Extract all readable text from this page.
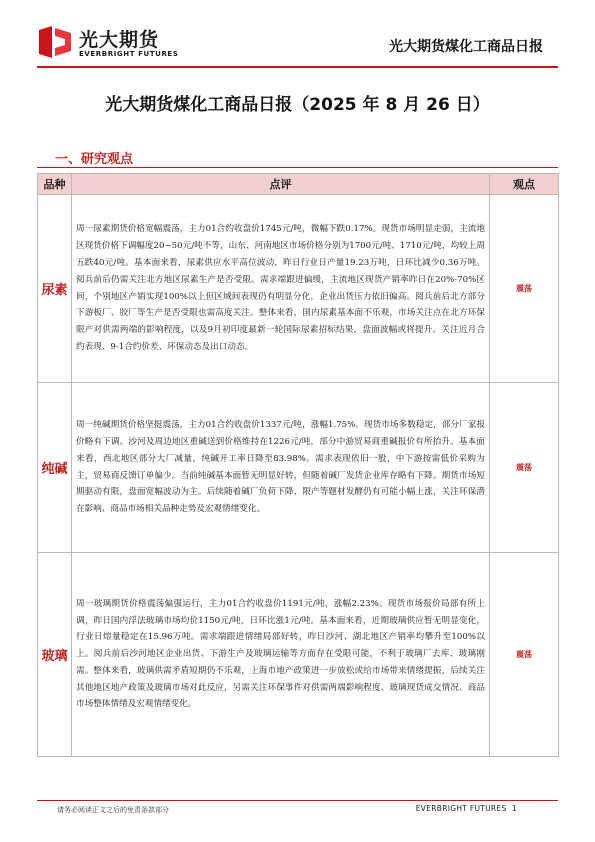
光大期货
EVERBRIGHT FUTURES	光大期货煤化工商品日报
光大期货煤化工商品日报（2025 年 8 月 26 日）
一、研究观点
品种	点评	观点
尿素	周一尿素期货价格宽幅震荡，主力01合约收盘价1745元/吨，微幅下跌0.17%。现货市场明显走弱，主流地区现货价格下调幅度20~50元/吨不等，山东、河南地区市场价格分别为1700元/吨、1710元/吨，均较上周五跌40元/吨。基本面来看，尿素供应水平高位波动，昨日行业日产量19.23万吨，日环比减少0.36万吨。阅兵前后仍需关注北方地区尿素生产是否受限。需求端跟进偏缓，主流地区现货产销率昨日在20%-70%区间，个别地区产销实现100%以上但区域间表现仍有明显分化，企业出货压力依旧偏高。阅兵前后北方部分下游板厂、胶厂等生产是否受限也需高度关注。整体来看，国内尿素基本面不乐观，市场关注点在北方环保限产对供需两端的影响程度，以及9月初印度最新一轮国际尿素招标结果，盘面波幅或将提升。关注近月合约表现、9-1合约价差、环保动态及出口动态。	震荡
纯碱	周一纯碱期货价格坚挺震荡，主力01合约收盘价1337元/吨，涨幅1.75%。现货市场多数稳定，部分厂家报价略有下调。沙河及周边地区重碱送到价格维持在1226元/吨，部分中游贸易商重碱报价有所抬升。基本面来看，西北地区部分大厂减量，纯碱开工率日降至83.98%。需求表现依旧一般，中下游按需低价采购为主，贸易商反馈订单偏少。当前纯碱基本面暂无明显好转，但随着碱厂发货企业库存略有下降。期货市场短期驱动有限，盘面宽幅波动为主。后续随着碱厂负荷下降、限产等题材发酵仍有可能小幅上涨，关注环保潜在影响、商品市场相关品种走势及宏观情绪变化。	震荡
玻璃	周一玻璃期货价格震荡偏强运行，主力01合约收盘价1191元/吨，涨幅2.23%。现货市场报价局部有所上调，昨日国内浮法玻璃市场均价1150元/吨，日环比涨1元/吨。基本面来看，近期玻璃供应暂无明显变化，行业日熔量稳定在15.96万吨。需求端跟进情绪局部好转，昨日沙河、湖北地区产销率均攀升至100%以上。阅兵前后沙河地区企业出货、下游生产及玻璃运输等方面存在受限可能，不利于玻璃厂去库、玻璃刚需。整体来看，玻璃供需矛盾短期仍不乐观，上海市地产政策进一步放松或给市场带来情绪提振，后续关注其他地区地产政策及玻璃市场对此反应，另需关注环保事件对供需两端影响程度、玻璃现货成交情况、商品市场整体情绪及宏观情绪变化。	震荡
请务必阅读正文之后的免责条款部分	EVERBRIGHT FUTURES 1
